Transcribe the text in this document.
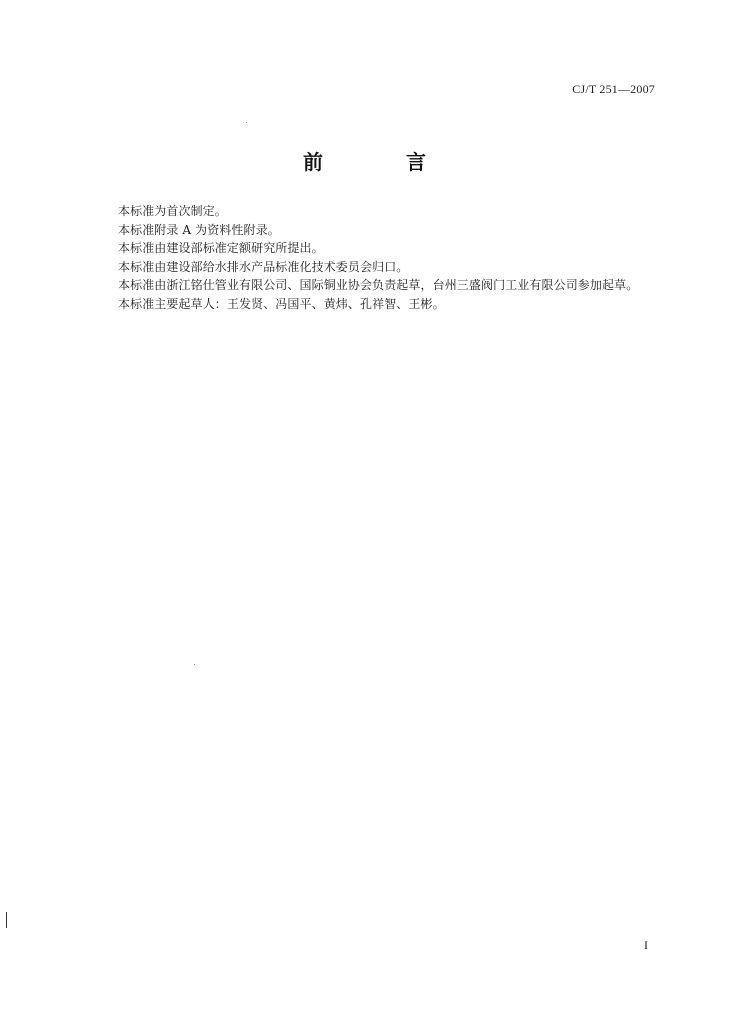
CJ/T 251—2007
前 言
本标准为首次制定。
本标准附录 A 为资料性附录。
本标准由建设部标准定额研究所提出。
本标准由建设部给水排水产品标准化技术委员会归口。
本标准由浙江铭仕管业有限公司、国际铜业协会负责起草，台州三盛阀门工业有限公司参加起草。
本标准主要起草人：王发贤、冯国平、黄炜、孔祥智、王彬。
I
